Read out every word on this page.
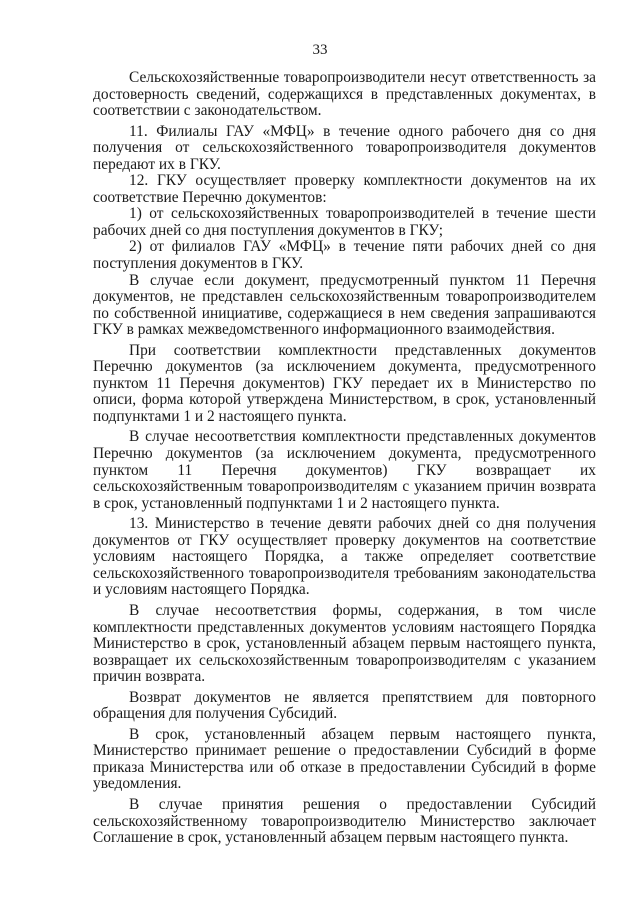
33

Сельскохозяйственные товаропроизводители несут ответственность за достоверность сведений, содержащихся в представленных документах, в соответствии с законодательством.

11. Филиалы ГАУ «МФЦ» в течение одного рабочего дня со дня получения от сельскохозяйственного товаропроизводителя документов передают их в ГКУ.

12. ГКУ осуществляет проверку комплектности документов на их соответствие Перечню документов:

1) от сельскохозяйственных товаропроизводителей в течение шести рабочих дней со дня поступления документов в ГКУ;

2) от филиалов ГАУ «МФЦ» в течение пяти рабочих дней со дня поступления документов в ГКУ.

В случае если документ, предусмотренный пунктом 11 Перечня документов, не представлен сельскохозяйственным товаропроизводителем по собственной инициативе, содержащиеся в нем сведения запрашиваются ГКУ в рамках межведомственного информационного взаимодействия.

При соответствии комплектности представленных документов Перечню документов (за исключением документа, предусмотренного пунктом 11 Перечня документов) ГКУ передает их в Министерство по описи, форма которой утверждена Министерством, в срок, установленный подпунктами 1 и 2 настоящего пункта.

В случае несоответствия комплектности представленных документов Перечню документов (за исключением документа, предусмотренного пунктом 11 Перечня документов) ГКУ возвращает их сельскохозяйственным товаропроизводителям с указанием причин возврата в срок, установленный подпунктами 1 и 2 настоящего пункта.

13. Министерство в течение девяти рабочих дней со дня получения документов от ГКУ осуществляет проверку документов на соответствие условиям настоящего Порядка, а также определяет соответствие сельскохозяйственного товаропроизводителя требованиям законодательства и условиям настоящего Порядка.

В случае несоответствия формы, содержания, в том числе комплектности представленных документов условиям настоящего Порядка Министерство в срок, установленный абзацем первым настоящего пункта, возвращает их сельскохозяйственным товаропроизводителям с указанием причин возврата.

Возврат документов не является препятствием для повторного обращения для получения Субсидий.

В срок, установленный абзацем первым настоящего пункта, Министерство принимает решение о предоставлении Субсидий в форме приказа Министерства или об отказе в предоставлении Субсидий в форме уведомления.

В случае принятия решения о предоставлении Субсидий сельскохозяйственному товаропроизводителю Министерство заключает Соглашение в срок, установленный абзацем первым настоящего пункта.
